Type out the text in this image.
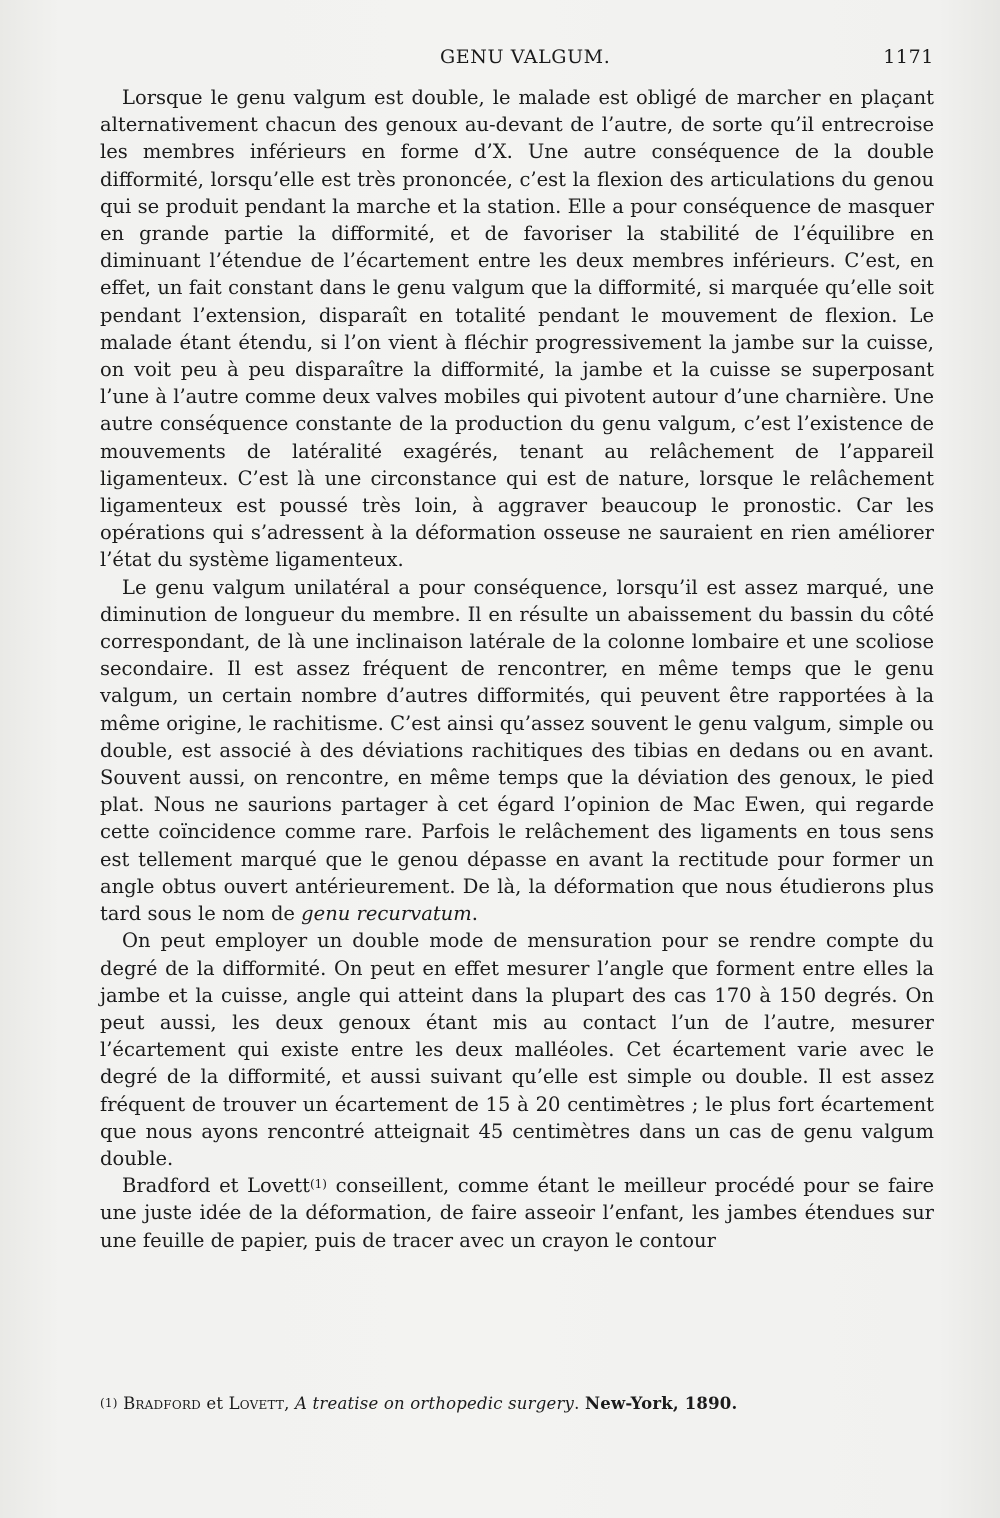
GENU VALGUM.	1171

Lorsque le genu valgum est double, le malade est obligé de marcher en plaçant alternativement chacun des genoux au-devant de l’autre, de sorte qu’il entrecroise les membres inférieurs en forme d’X. Une autre conséquence de la double difformité, lorsqu’elle est très prononcée, c’est la flexion des articulations du genou qui se produit pendant la marche et la station. Elle a pour conséquence de masquer en grande partie la difformité, et de favoriser la stabilité de l’équilibre en diminuant l’étendue de l’écartement entre les deux membres inférieurs. C’est, en effet, un fait constant dans le genu valgum que la difformité, si marquée qu’elle soit pendant l’extension, disparaît en totalité pendant le mouvement de flexion. Le malade étant étendu, si l’on vient à fléchir progressivement la jambe sur la cuisse, on voit peu à peu disparaître la difformité, la jambe et la cuisse se superposant l’une à l’autre comme deux valves mobiles qui pivotent autour d’une charnière. Une autre conséquence constante de la production du genu valgum, c’est l’existence de mouvements de latéralité exagérés, tenant au relâchement de l’appareil ligamenteux. C’est là une circonstance qui est de nature, lorsque le relâchement ligamenteux est poussé très loin, à aggraver beaucoup le pronostic. Car les opérations qui s’adressent à la déformation osseuse ne sauraient en rien améliorer l’état du système ligamenteux.

Le genu valgum unilatéral a pour conséquence, lorsqu’il est assez marqué, une diminution de longueur du membre. Il en résulte un abaissement du bassin du côté correspondant, de là une inclinaison latérale de la colonne lombaire et une scoliose secondaire. Il est assez fréquent de rencontrer, en même temps que le genu valgum, un certain nombre d’autres difformités, qui peuvent être rapportées à la même origine, le rachitisme. C’est ainsi qu’assez souvent le genu valgum, simple ou double, est associé à des déviations rachitiques des tibias en dedans ou en avant. Souvent aussi, on rencontre, en même temps que la déviation des genoux, le pied plat. Nous ne saurions partager à cet égard l’opinion de Mac Ewen, qui regarde cette coïncidence comme rare. Parfois le relâchement des ligaments en tous sens est tellement marqué que le genou dépasse en avant la rectitude pour former un angle obtus ouvert antérieurement. De là, la déformation que nous étudierons plus tard sous le nom de genu recurvatum.

On peut employer un double mode de mensuration pour se rendre compte du degré de la difformité. On peut en effet mesurer l’angle que forment entre elles la jambe et la cuisse, angle qui atteint dans la plupart des cas 170 à 150 degrés. On peut aussi, les deux genoux étant mis au contact l’un de l’autre, mesurer l’écartement qui existe entre les deux malléoles. Cet écartement varie avec le degré de la difformité, et aussi suivant qu’elle est simple ou double. Il est assez fréquent de trouver un écartement de 15 à 20 centimètres ; le plus fort écartement que nous ayons rencontré atteignait 45 centimètres dans un cas de genu valgum double.

Bradford et Lovett$^{(1)}$ conseillent, comme étant le meilleur procédé pour se faire une juste idée de la déformation, de faire asseoir l’enfant, les jambes étendues sur une feuille de papier, puis de tracer avec un crayon le contour

$^{(1)}$ Bradford et Lovett, A treatise on orthopedic surgery. New-York, 1890.
